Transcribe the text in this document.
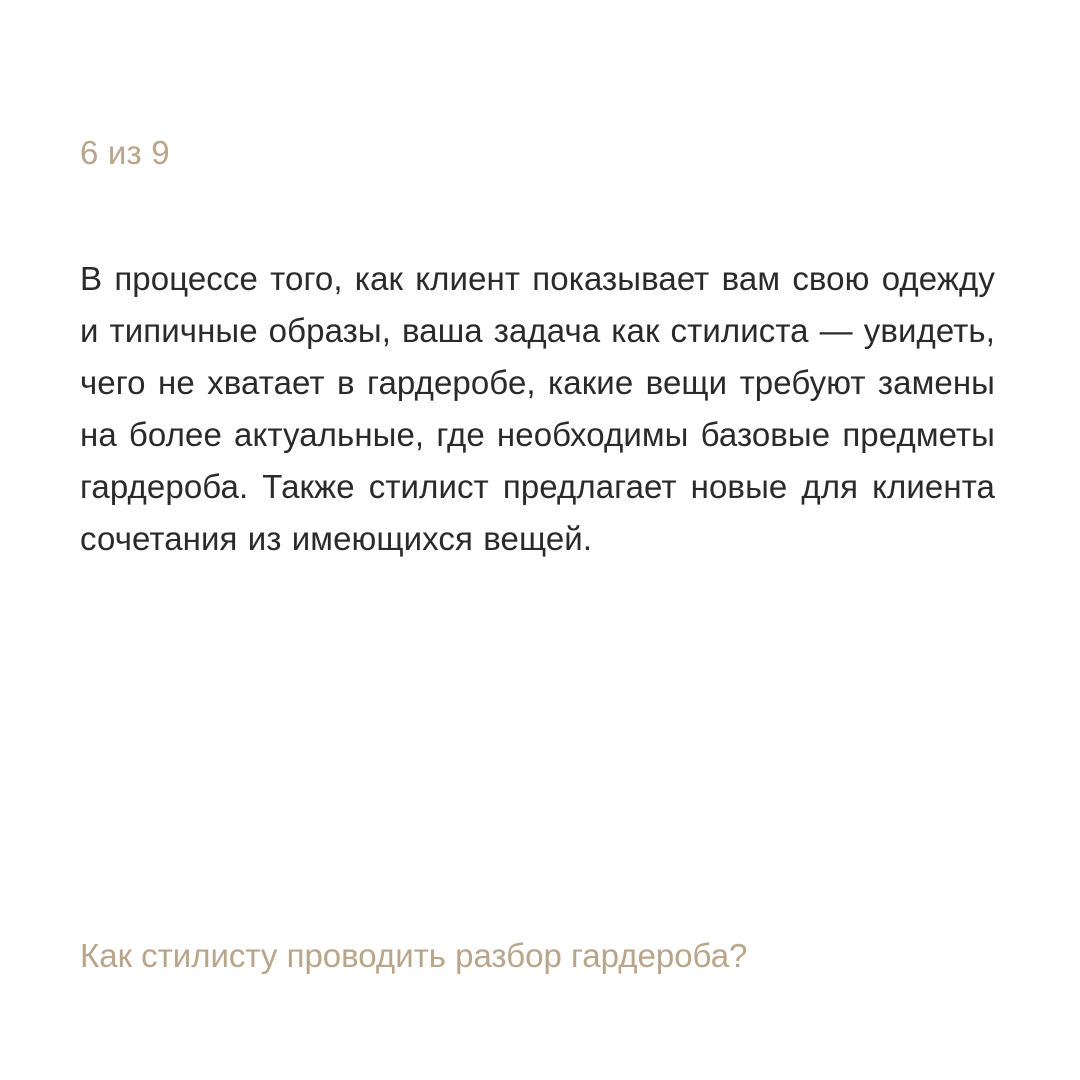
6 из 9

В процессе того, как клиент показывает вам свою одежду и типичные образы, ваша задача как стилиста — увидеть, чего не хватает в гардеробе, какие вещи требуют замены на более актуальные, где необходимы базовые предметы гардероба. Также стилист предлагает новые для клиента сочетания из имеющихся вещей.

Как стилисту проводить разбор гардероба?
